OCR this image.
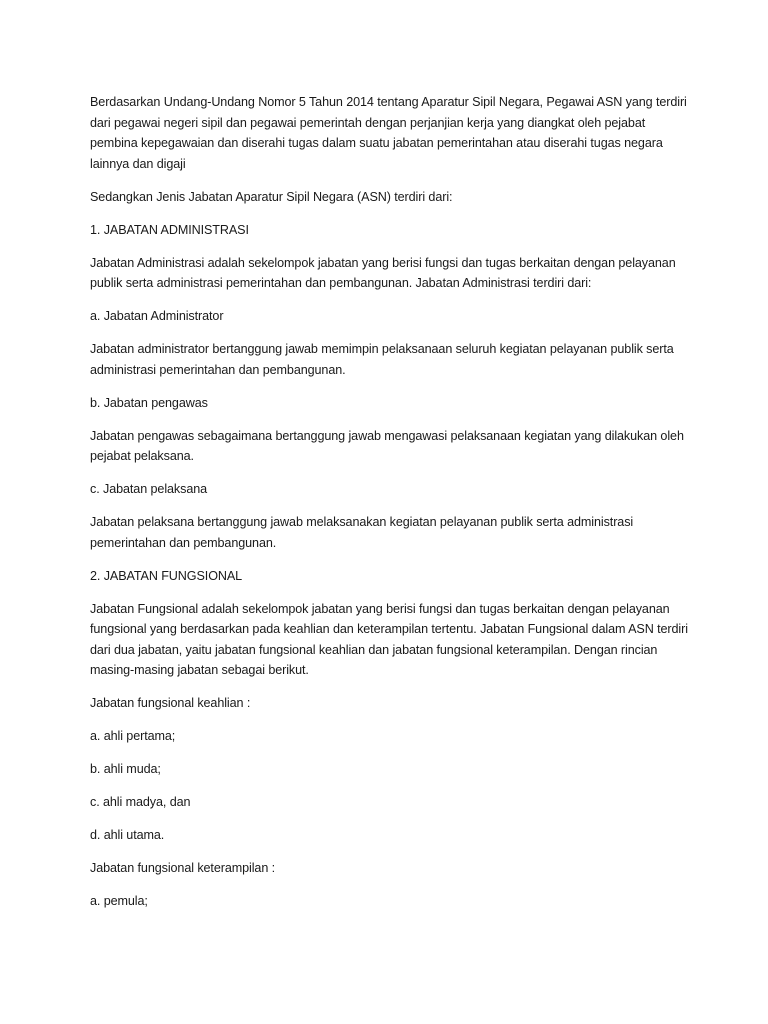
Berdasarkan Undang-Undang Nomor 5 Tahun 2014 tentang Aparatur Sipil Negara, Pegawai ASN yang terdiri dari pegawai negeri sipil dan pegawai pemerintah dengan perjanjian kerja yang diangkat oleh pejabat pembina kepegawaian dan diserahi tugas dalam suatu jabatan pemerintahan atau diserahi tugas negara lainnya dan digaji

Sedangkan Jenis Jabatan Aparatur Sipil Negara (ASN) terdiri dari:

1. JABATAN ADMINISTRASI

Jabatan Administrasi adalah sekelompok jabatan yang berisi fungsi dan tugas berkaitan dengan pelayanan publik serta administrasi pemerintahan dan pembangunan. Jabatan Administrasi terdiri dari:

a. Jabatan Administrator

Jabatan administrator bertanggung jawab memimpin pelaksanaan seluruh kegiatan pelayanan publik serta administrasi pemerintahan dan pembangunan.

b. Jabatan pengawas

Jabatan pengawas sebagaimana bertanggung jawab mengawasi pelaksanaan kegiatan yang dilakukan oleh pejabat pelaksana.

c. Jabatan pelaksana

Jabatan pelaksana bertanggung jawab melaksanakan kegiatan pelayanan publik serta administrasi pemerintahan dan pembangunan.

2. JABATAN FUNGSIONAL

Jabatan Fungsional adalah sekelompok jabatan yang berisi fungsi dan tugas berkaitan dengan pelayanan fungsional yang berdasarkan pada keahlian dan keterampilan tertentu. Jabatan Fungsional dalam ASN terdiri dari dua jabatan, yaitu jabatan fungsional keahlian dan jabatan fungsional keterampilan. Dengan rincian masing-masing jabatan sebagai berikut.

Jabatan fungsional keahlian :

a. ahli pertama;

b. ahli muda;

c. ahli madya, dan

d. ahli utama.

Jabatan fungsional keterampilan :

a. pemula;
